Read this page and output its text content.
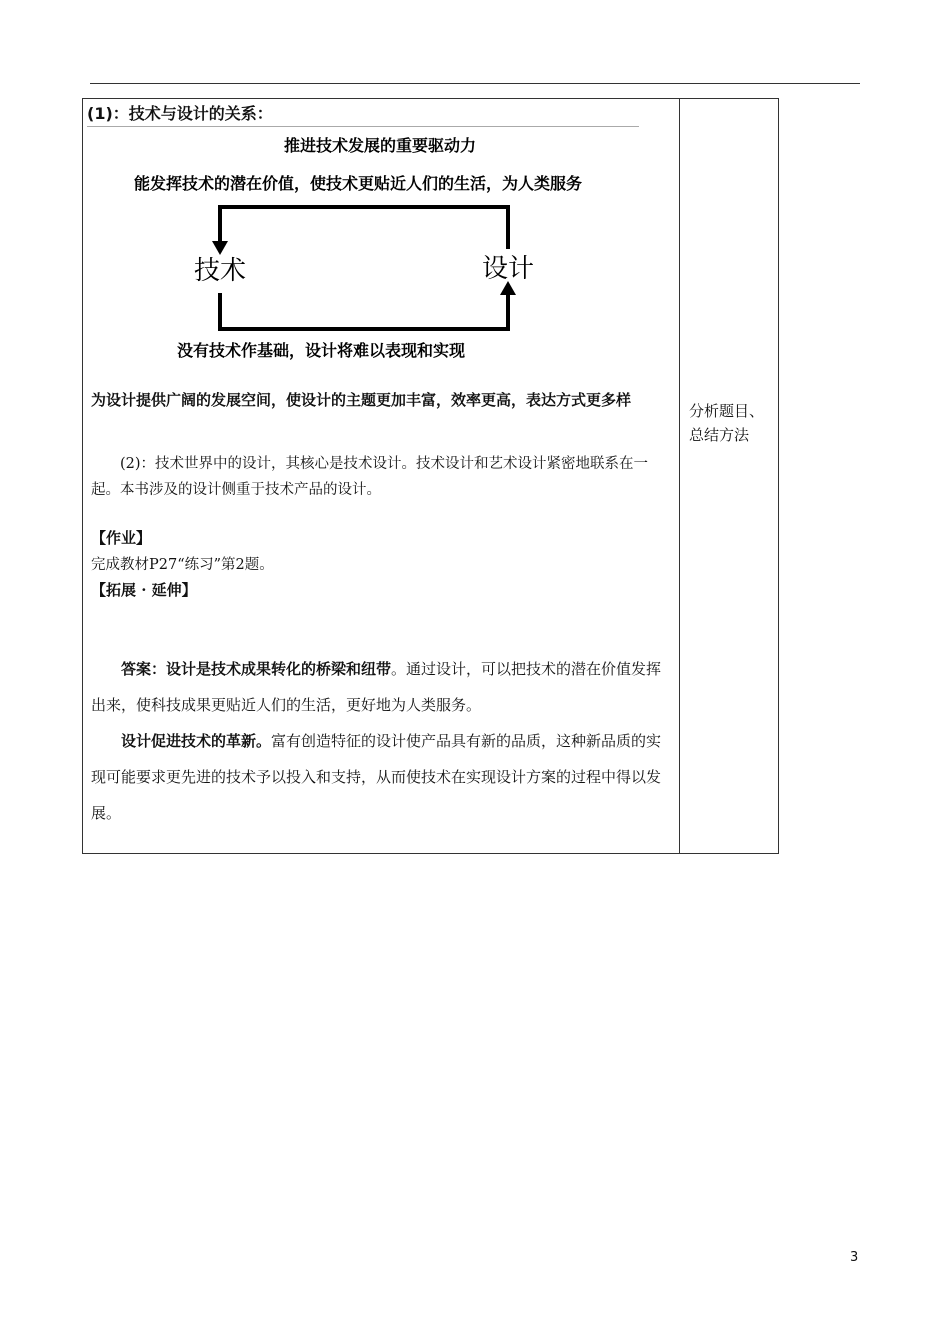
(1)：技术与设计的关系：
推进技术发展的重要驱动力
能发挥技术的潜在价值，使技术更贴近人们的生活，为人类服务
技术	设计
没有技术作基础，设计将难以表现和实现
为设计提供广阔的发展空间，使设计的主题更加丰富，效率更高，表达方式更多样
(2)：技术世界中的设计，其核心是技术设计。技术设计和艺术设计紧密地联系在一起。本书涉及的设计侧重于技术产品的设计。
【作业】
完成教材P27“练习”第2题。
【拓展 · 延伸】

答案：设计是技术成果转化的桥梁和纽带。通过设计，可以把技术的潜在价值发挥出来，使科技成果更贴近人们的生活，更好地为人类服务。

设计促进技术的革新。富有创造特征的设计使产品具有新的品质，这种新品质的实现可能要求更先进的技术予以投入和支持，从而使技术在实现设计方案的过程中得以发展。

分析题目、总结方法
3
